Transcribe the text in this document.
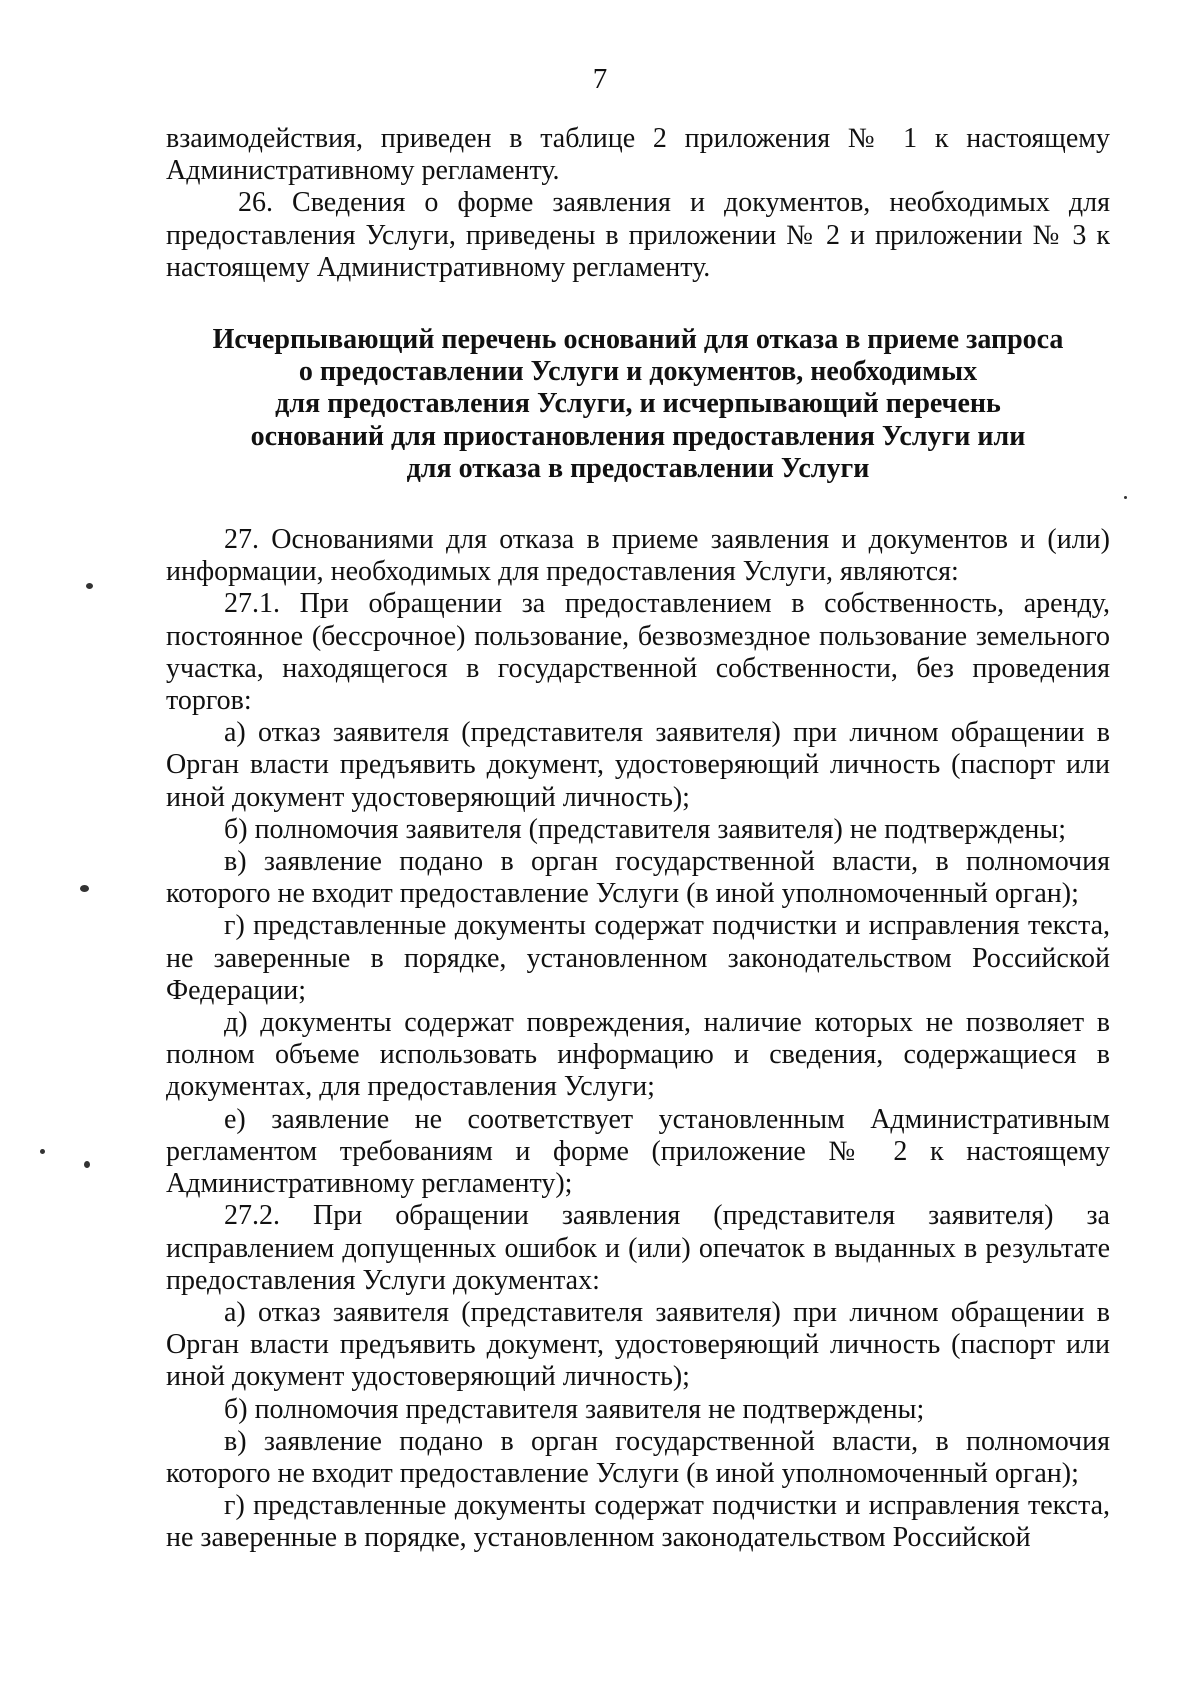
7

взаимодействия, приведен в таблице 2 приложения № 1 к настоящему Административному регламенту.

26. Сведения о форме заявления и документов, необходимых для предоставления Услуги, приведены в приложении № 2 и приложении № 3 к настоящему Административному регламенту.

Исчерпывающий перечень оснований для отказа в приеме запроса
о предоставлении Услуги и документов, необходимых
для предоставления Услуги, и исчерпывающий перечень
оснований для приостановления предоставления Услуги или
для отказа в предоставлении Услуги

27. Основаниями для отказа в приеме заявления и документов и (или) информации, необходимых для предоставления Услуги, являются:

27.1. При обращении за предоставлением в собственность, аренду, постоянное (бессрочное) пользование, безвозмездное пользование земельного участка, находящегося в государственной собственности, без проведения торгов:

а) отказ заявителя (представителя заявителя) при личном обращении в Орган власти предъявить документ, удостоверяющий личность (паспорт или иной документ удостоверяющий личность);

б) полномочия заявителя (представителя заявителя) не подтверждены;

в) заявление подано в орган государственной власти, в полномочия которого не входит предоставление Услуги (в иной уполномоченный орган);

г) представленные документы содержат подчистки и исправления текста, не заверенные в порядке, установленном законодательством Российской Федерации;

д) документы содержат повреждения, наличие которых не позволяет в полном объеме использовать информацию и сведения, содержащиеся в документах, для предоставления Услуги;

е) заявление не соответствует установленным Административным регламентом требованиям и форме (приложение № 2 к настоящему Административному регламенту);

27.2. При обращении заявления (представителя заявителя) за исправлением допущенных ошибок и (или) опечаток в выданных в результате предоставления Услуги документах:

а) отказ заявителя (представителя заявителя) при личном обращении в Орган власти предъявить документ, удостоверяющий личность (паспорт или иной документ удостоверяющий личность);

б) полномочия представителя заявителя не подтверждены;

в) заявление подано в орган государственной власти, в полномочия которого не входит предоставление Услуги (в иной уполномоченный орган);

г) представленные документы содержат подчистки и исправления текста, не заверенные в порядке, установленном законодательством Российской
